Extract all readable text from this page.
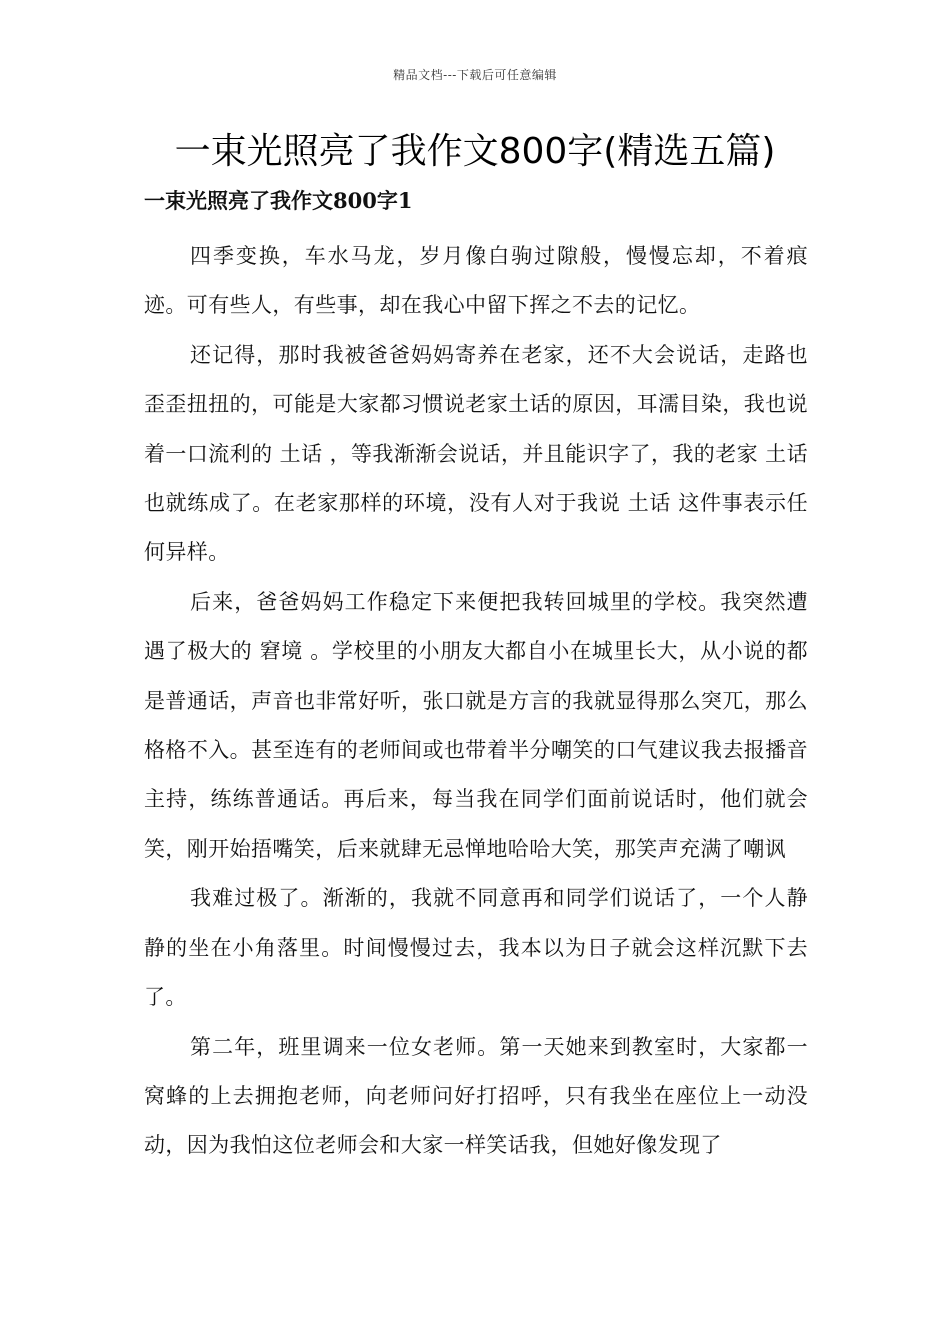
精品文档---下载后可任意编辑
一束光照亮了我作文800字(精选五篇)
一束光照亮了我作文800字1

四季变换，车水马龙，岁月像白驹过隙般，慢慢忘却，不着痕迹。可有些人，有些事，却在我心中留下挥之不去的记忆。

还记得，那时我被爸爸妈妈寄养在老家，还不大会说话，走路也歪歪扭扭的，可能是大家都习惯说老家土话的原因，耳濡目染，我也说着一口流利的 土话 ，等我渐渐会说话，并且能识字了，我的老家 土话 也就练成了。在老家那样的环境，没有人对于我说 土话 这件事表示任何异样。

后来，爸爸妈妈工作稳定下来便把我转回城里的学校。我突然遭遇了极大的 窘境 。学校里的小朋友大都自小在城里长大，从小说的都是普通话，声音也非常好听，张口就是方言的我就显得那么突兀，那么格格不入。甚至连有的老师间或也带着半分嘲笑的口气建议我去报播音主持，练练普通话。再后来，每当我在同学们面前说话时，他们就会笑，刚开始捂嘴笑，后来就肆无忌惮地哈哈大笑，那笑声充满了嘲讽

我难过极了。渐渐的，我就不同意再和同学们说话了，一个人静静的坐在小角落里。时间慢慢过去，我本以为日子就会这样沉默下去了。

第二年，班里调来一位女老师。第一天她来到教室时，大家都一窝蜂的上去拥抱老师，向老师问好打招呼，只有我坐在座位上一动没动，因为我怕这位老师会和大家一样笑话我，但她好像发现了
